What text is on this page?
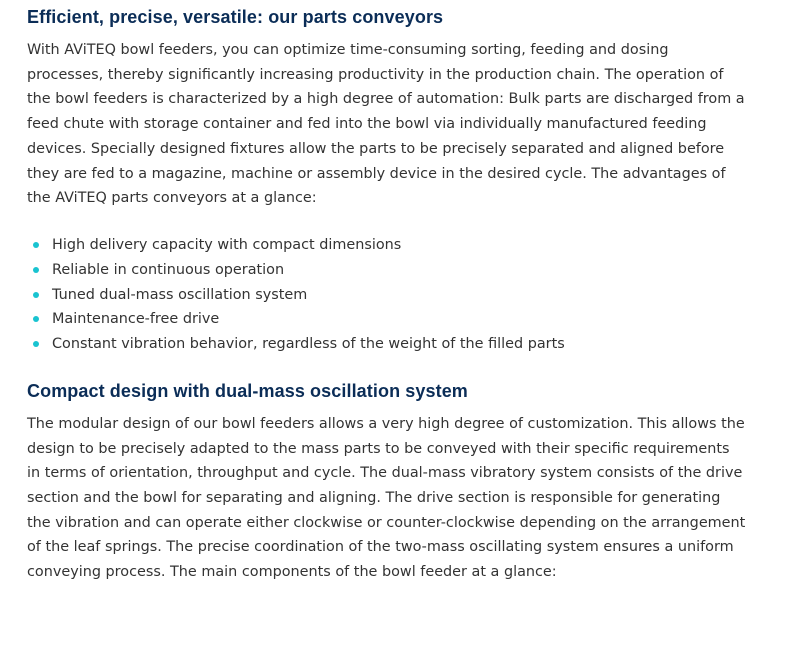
Efficient, precise, versatile: our parts conveyors

With AViTEQ bowl feeders, you can optimize time-consuming sorting, feeding and dosing processes, thereby significantly increasing productivity in the production chain. The operation of the bowl feeders is characterized by a high degree of automation: Bulk parts are discharged from a feed chute with storage container and fed into the bowl via individually manufactured feeding devices. Specially designed fixtures allow the parts to be precisely separated and aligned before they are fed to a magazine, machine or assembly device in the desired cycle. The advantages of the AViTEQ parts conveyors at a glance:

High delivery capacity with compact dimensions
Reliable in continuous operation
Tuned dual-mass oscillation system
Maintenance-free drive
Constant vibration behavior, regardless of the weight of the filled parts
Compact design with dual-mass oscillation system

The modular design of our bowl feeders allows a very high degree of customization. This allows the design to be precisely adapted to the mass parts to be conveyed with their specific requirements in terms of orientation, throughput and cycle. The dual-mass vibratory system consists of the drive section and the bowl for separating and aligning. The drive section is responsible for generating the vibration and can operate either clockwise or counter-clockwise depending on the arrangement of the leaf springs. The precise coordination of the two-mass oscillating system ensures a uniform conveying process. The main components of the bowl feeder at a glance:
